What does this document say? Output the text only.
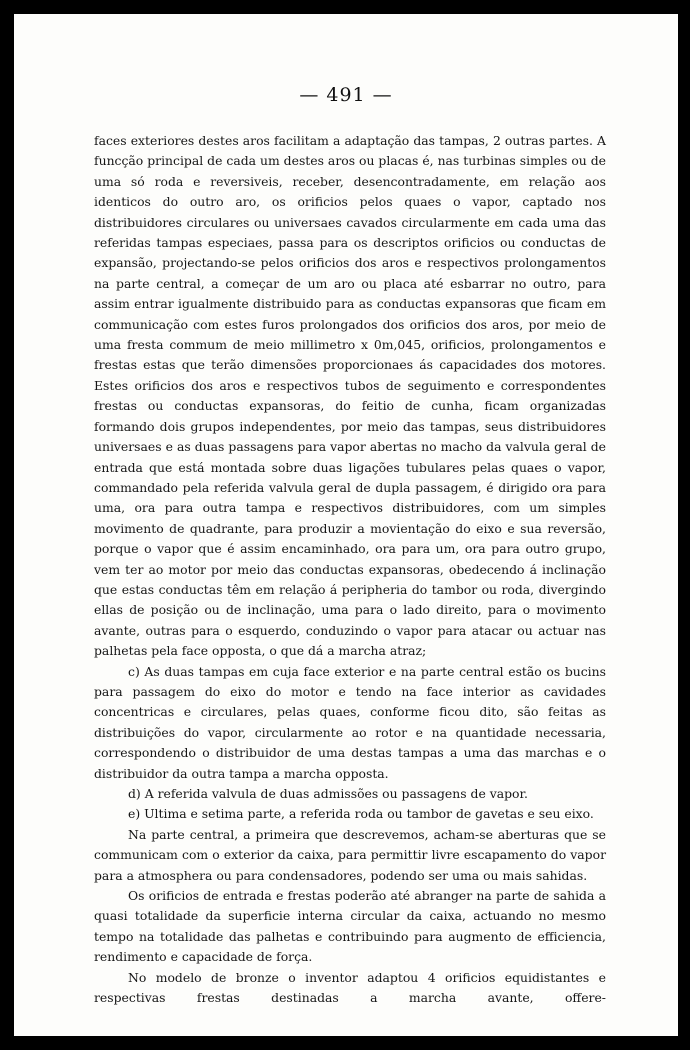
— 491 —

faces exteriores destes aros facilitam a adaptação das tampas, 2 outras partes. A funcção principal de cada um destes aros ou placas é, nas turbinas simples ou de uma só roda e reversiveis, receber, desencontradamente, em relação aos identicos do outro aro, os orificios pelos quaes o vapor, captado nos distribuidores circulares ou universaes cavados circularmente em cada uma das referidas tampas especiaes, passa para os descriptos orificios ou conductas de expansão, projectando-se pelos orificios dos aros e respectivos prolongamentos na parte central, a começar de um aro ou placa até esbarrar no outro, para assim entrar igualmente distribuido para as conductas expansoras que ficam em communicação com estes furos prolongados dos orificios dos aros, por meio de uma fresta commum de meio millimetro x 0m,045, orificios, prolongamentos e frestas estas que terão dimensões proporcionaes ás capacidades dos motores. Estes orificios dos aros e respectivos tubos de seguimento e correspondentes frestas ou conductas expansoras, do feitio de cunha, ficam organizadas formando dois grupos independentes, por meio das tampas, seus distribuidores universaes e as duas passagens para vapor abertas no macho da valvula geral de entrada que está montada sobre duas ligações tubulares pelas quaes o vapor, commandado pela referida valvula geral de dupla passagem, é dirigido ora para uma, ora para outra tampa e respectivos distribuidores, com um simples movimento de quadrante, para produzir a movientação do eixo e sua reversão, porque o vapor que é assim encaminhado, ora para um, ora para outro grupo, vem ter ao motor por meio das conductas expansoras, obedecendo á inclinação que estas conductas têm em relação á peripheria do tambor ou roda, divergindo ellas de posição ou de inclinação, uma para o lado direito, para o movimento avante, outras para o esquerdo, conduzindo o vapor para atacar ou actuar nas palhetas pela face opposta, o que dá a marcha atraz;

c) As duas tampas em cuja face exterior e na parte central estão os bucins para passagem do eixo do motor e tendo na face interior as cavidades concentricas e circulares, pelas quaes, conforme ficou dito, são feitas as distribuições do vapor, circularmente ao rotor e na quantidade necessaria, correspondendo o distribuidor de uma destas tampas a uma das marchas e o distribuidor da outra tampa a marcha opposta.

d) A referida valvula de duas admissões ou passagens de vapor.

e) Ultima e setima parte, a referida roda ou tambor de gavetas e seu eixo.

Na parte central, a primeira que descrevemos, acham-se aberturas que se communicam com o exterior da caixa, para permittir livre escapamento do vapor para a atmosphera ou para condensadores, podendo ser uma ou mais sahidas.

Os orificios de entrada e frestas poderão até abranger na parte de sahida a quasi totalidade da superficie interna circular da caixa, actuando no mesmo tempo na totalidade das palhetas e contribuindo para augmento de efficiencia, rendimento e capacidade de força.

No modelo de bronze o inventor adaptou 4 orificios equidistantes e respectivas frestas destinadas a marcha avante, offere-
